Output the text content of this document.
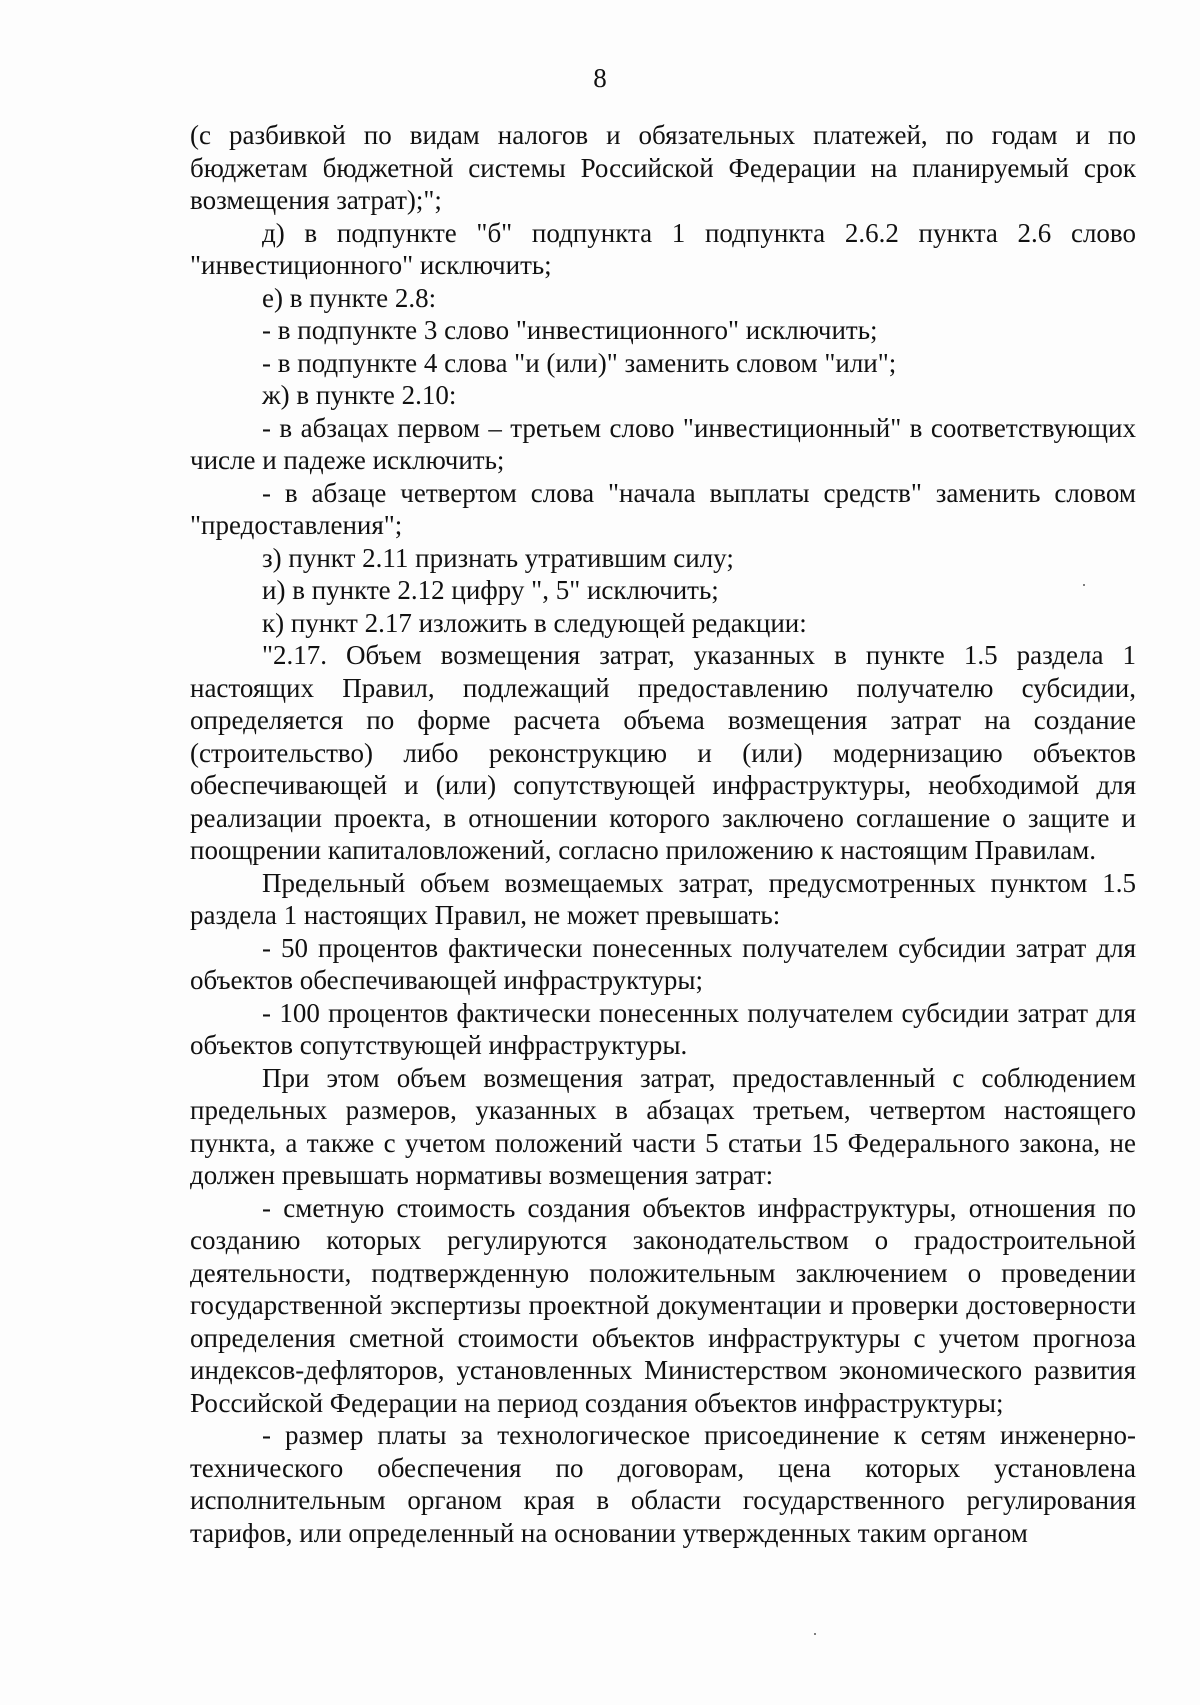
8

(с разбивкой по видам налогов и обязательных платежей, по годам и по бюджетам бюджетной системы Российской Федерации на планируемый срок возмещения затрат);";

д) в подпункте "б" подпункта 1 подпункта 2.6.2 пункта 2.6 слово "инвестиционного" исключить;

е) в пункте 2.8:

- в подпункте 3 слово "инвестиционного" исключить;

- в подпункте 4 слова "и (или)" заменить словом "или";

ж) в пункте 2.10:

- в абзацах первом – третьем слово "инвестиционный" в соответствующих числе и падеже исключить;

- в абзаце четвертом слова "начала выплаты средств" заменить словом "предоставления";

з) пункт 2.11 признать утратившим силу;

и) в пункте 2.12 цифру ", 5" исключить;

к) пункт 2.17 изложить в следующей редакции:

"2.17. Объем возмещения затрат, указанных в пункте 1.5 раздела 1 настоящих Правил, подлежащий предоставлению получателю субсидии, определяется по форме расчета объема возмещения затрат на создание (строительство) либо реконструкцию и (или) модернизацию объектов обеспечивающей и (или) сопутствующей инфраструктуры, необходимой для реализации проекта, в отношении которого заключено соглашение о защите и поощрении капиталовложений, согласно приложению к настоящим Правилам.

Предельный объем возмещаемых затрат, предусмотренных пунктом 1.5 раздела 1 настоящих Правил, не может превышать:

- 50 процентов фактически понесенных получателем субсидии затрат для объектов обеспечивающей инфраструктуры;

- 100 процентов фактически понесенных получателем субсидии затрат для объектов сопутствующей инфраструктуры.

При этом объем возмещения затрат, предоставленный с соблюдением предельных размеров, указанных в абзацах третьем, четвертом настоящего пункта, а также с учетом положений части 5 статьи 15 Федерального закона, не должен превышать нормативы возмещения затрат:

- сметную стоимость создания объектов инфраструктуры, отношения по созданию которых регулируются законодательством о градостроительной деятельности, подтвержденную положительным заключением о проведении государственной экспертизы проектной документации и проверки достоверности определения сметной стоимости объектов инфраструктуры с учетом прогноза индексов-дефляторов, установленных Министерством экономического развития Российской Федерации на период создания объектов инфраструктуры;

- размер платы за технологическое присоединение к сетям инженерно-технического обеспечения по договорам, цена которых установлена исполнительным органом края в области государственного регулирования тарифов, или определенный на основании утвержденных таким органом
